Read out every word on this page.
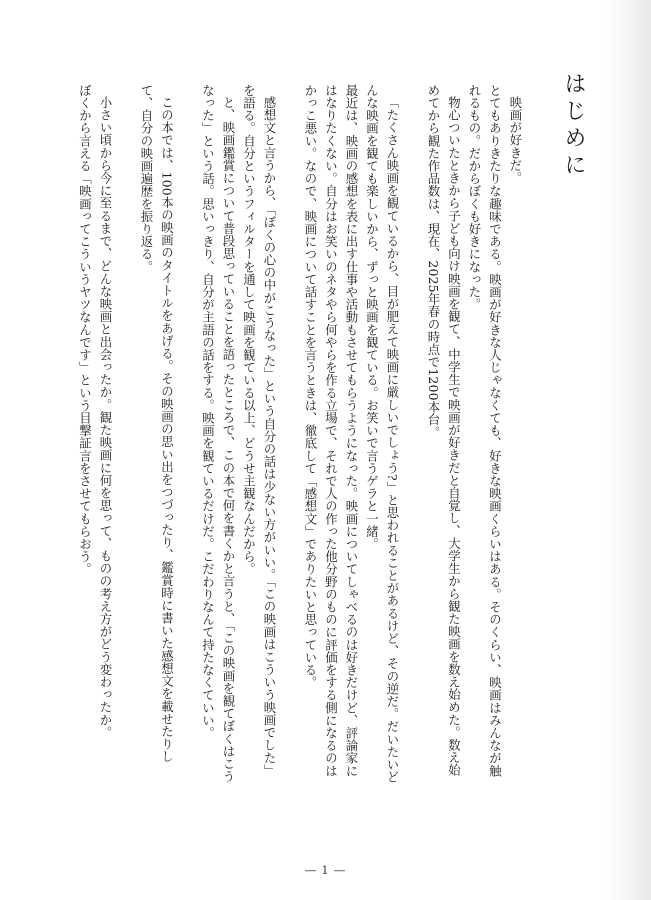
はじめに

映画が好きだ。

とてもありきたりな趣味である。映画が好きな人じゃなくても、好きな映画くらいはある。そのくらい、映画はみんなが触れるもの。だからぼくも好きになった。

物心ついたときから子ども向け映画を観て、中学生で映画が好きだと自覚し、大学生から観た映画を数え始めた。数え始めてから観た作品数は、現在、2025年春の時点で1200本台。

「たくさん映画を観ているから、目が肥えて映画に厳しいでしょう?」と思われることがあるけど、その逆だ。だいたいどんな映画を観ても楽しいから、ずっと映画を観ている。お笑いで言うゲラと一緒。

最近は、映画の感想を表に出す仕事や活動もさせてもらうようになった。映画についてしゃべるのは好きだけど、評論家にはなりたくない。自分はお笑いのネタやら何やらを作る立場で、それで人の作った他分野のものに評価をする側になるのはかっこ悪い。なので、映画について話すことを言うときは、徹底して「感想文」でありたいと思っている。

感想文と言うから、「ぼくの心の中がこうなった」という自分の話は少ない方がいい。「この映画はこういう映画でした」を語る。自分というフィルターを通して映画を観ている以上、どうせ主観なんだから。

と、映画鑑賞について普段思っていることを語ったところで、この本で何を書くかと言うと、「この映画を観てぼくはこうなった」という話。思いっきり、自分が主語の話をする。映画を観ているだけだ。こだわりなんて持たなくていい。

この本では、100本の映画のタイトルをあげる。その映画の思い出をつづったり、鑑賞時に書いた感想文を載せたりして、自分の映画遍歴を振り返る。

小さい頃から今に至るまで、どんな映画と出会ったか。観た映画に何を思って、ものの考え方がどう変わったか。

ぼくから言える「映画ってこういうヤツなんです」という目撃証言をさせてもらおう。

― 1 ―
